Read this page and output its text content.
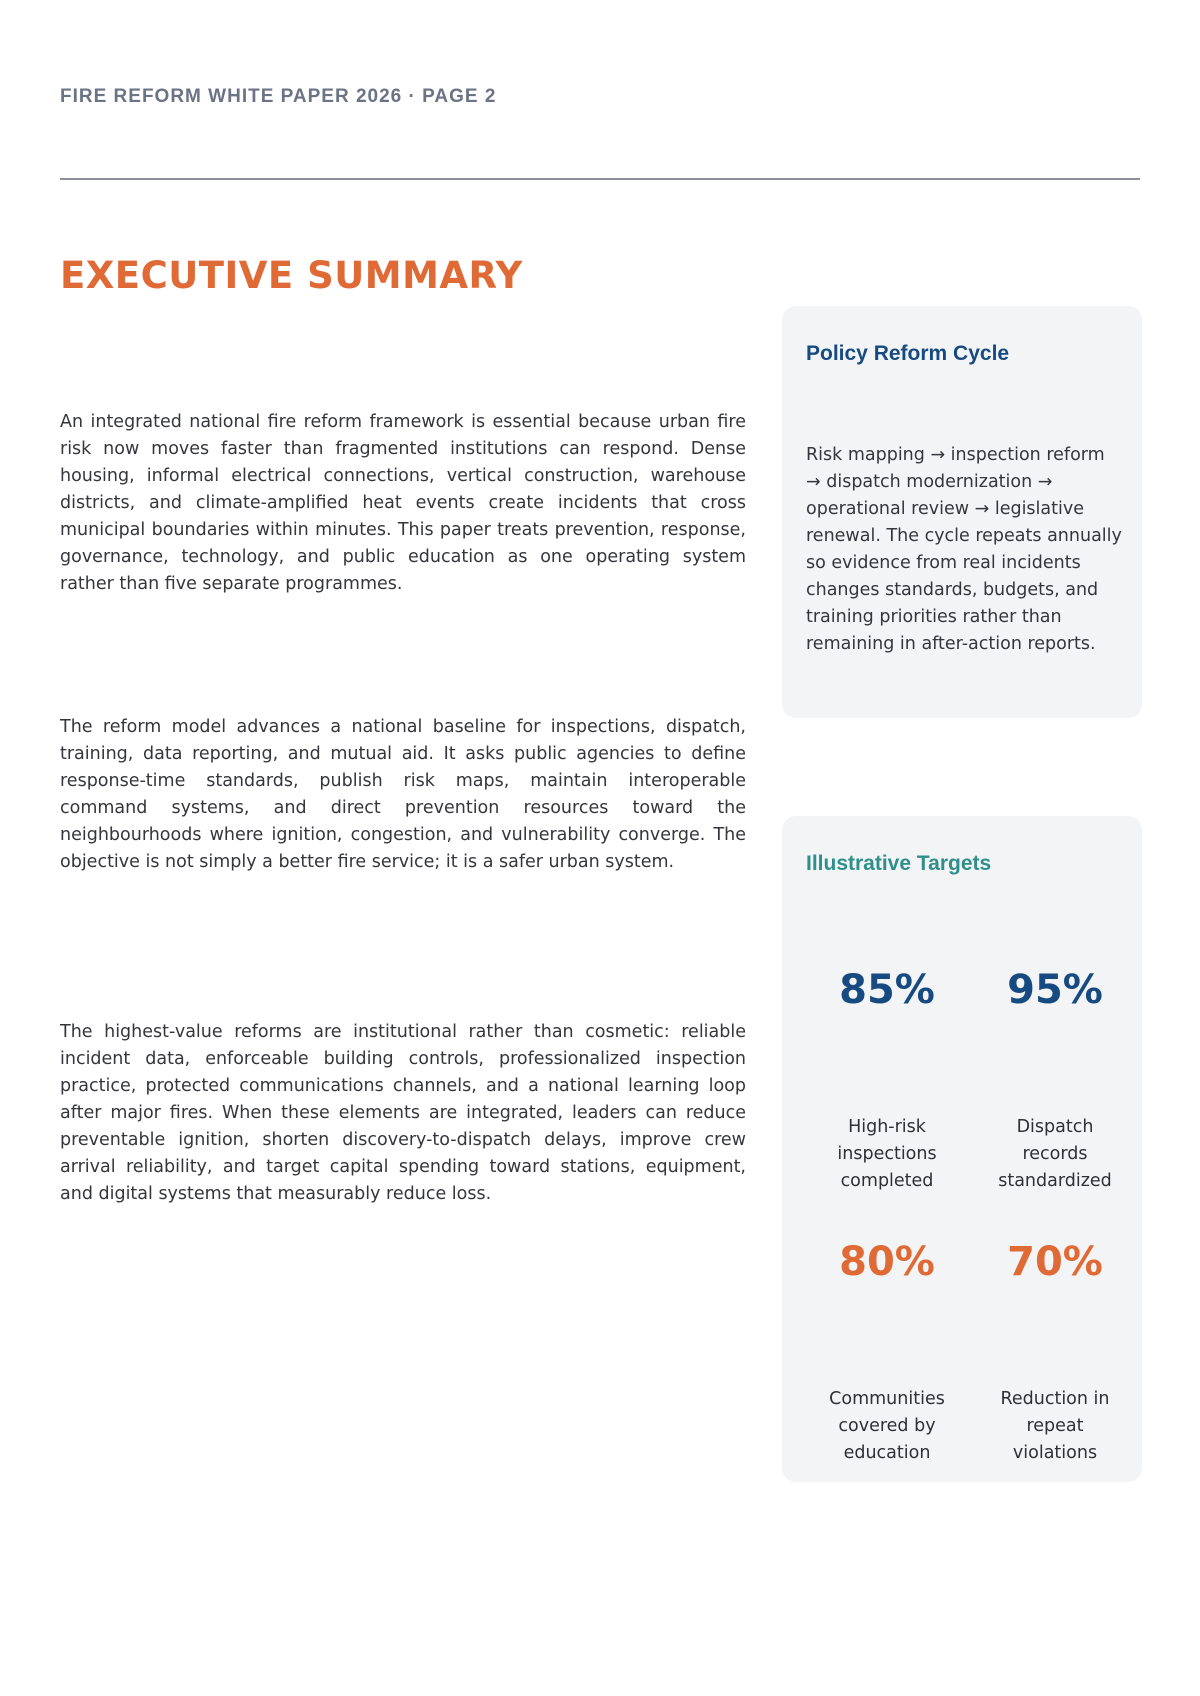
FIRE REFORM WHITE PAPER 2026 · PAGE 2
EXECUTIVE SUMMARY

An integrated national fire reform framework is essential because urban fire risk now moves faster than fragmented institutions can respond. Dense housing, informal electrical connections, vertical construction, warehouse districts, and climate-amplified heat events create incidents that cross municipal boundaries within minutes. This paper treats prevention, response, governance, technology, and public education as one operating system rather than five separate programmes.

The reform model advances a national baseline for inspections, dispatch, training, data reporting, and mutual aid. It asks public agencies to define response-time standards, publish risk maps, maintain interoperable command systems, and direct prevention resources toward the neighbourhoods where ignition, congestion, and vulnerability converge. The objective is not simply a better fire service; it is a safer urban system.

The highest-value reforms are institutional rather than cosmetic: reliable incident data, enforceable building controls, professionalized inspection practice, protected communications channels, and a national learning loop after major fires. When these elements are integrated, leaders can reduce preventable ignition, shorten discovery-to-dispatch delays, improve crew arrival reliability, and target capital spending toward stations, equipment, and digital systems that measurably reduce loss.

Policy Reform Cycle

Risk mapping → inspection reform → dispatch modernization → operational review → legislative renewal. The cycle repeats annually so evidence from real incidents changes standards, budgets, and training priorities rather than remaining in after-action reports.

Illustrative Targets
85%
High-risk inspections completed
95%
Dispatch records standardized
80%
Communities covered by education
70%
Reduction in repeat violations
